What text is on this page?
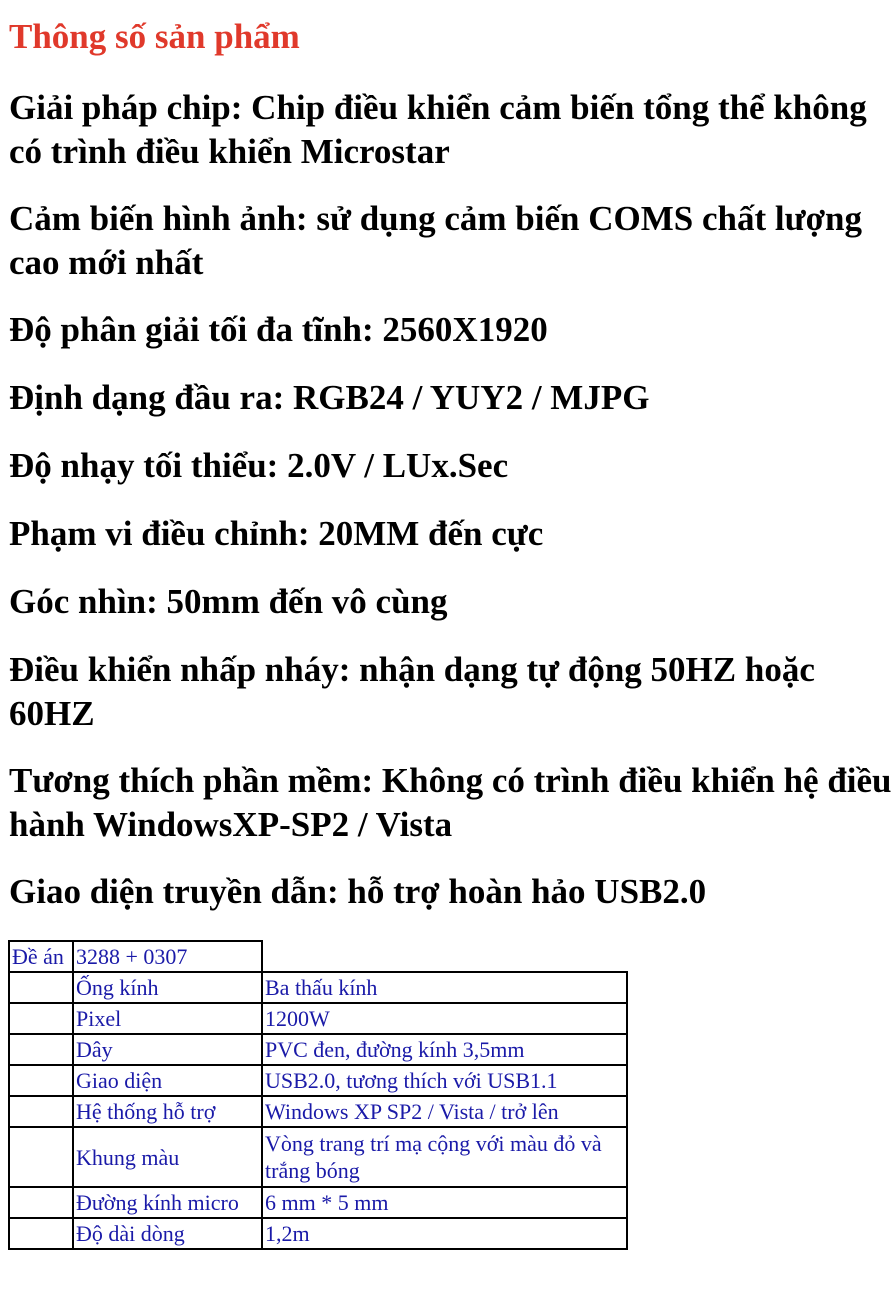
Thông số sản phẩm

Giải pháp chip: Chip điều khiển cảm biến tổng thể không có trình điều khiển Microstar

Cảm biến hình ảnh: sử dụng cảm biến COMS chất lượng cao mới nhất

Độ phân giải tối đa tĩnh: 2560X1920

Định dạng đầu ra: RGB24 / YUY2 / MJPG

Độ nhạy tối thiểu: 2.0V / LUx.Sec

Phạm vi điều chỉnh: 20MM đến cực

Góc nhìn: 50mm đến vô cùng

Điều khiển nhấp nháy: nhận dạng tự động 50HZ hoặc 60HZ

Tương thích phần mềm: Không có trình điều khiển hệ điều hành WindowsXP-SP2 / Vista

Giao diện truyền dẫn: hỗ trợ hoàn hảo USB2.0

Đề án	3288 + 0307	
	Ống kính	Ba thấu kính
	Pixel	1200W
	Dây	PVC đen, đường kính 3,5mm
	Giao diện	USB2.0, tương thích với USB1.1
	Hệ thống hỗ trợ	Windows XP SP2 / Vista / trở lên
	Khung màu	Vòng trang trí mạ cộng với màu đỏ và trắng bóng
	Đường kính micro	6 mm * 5 mm
	Độ dài dòng	1,2m
